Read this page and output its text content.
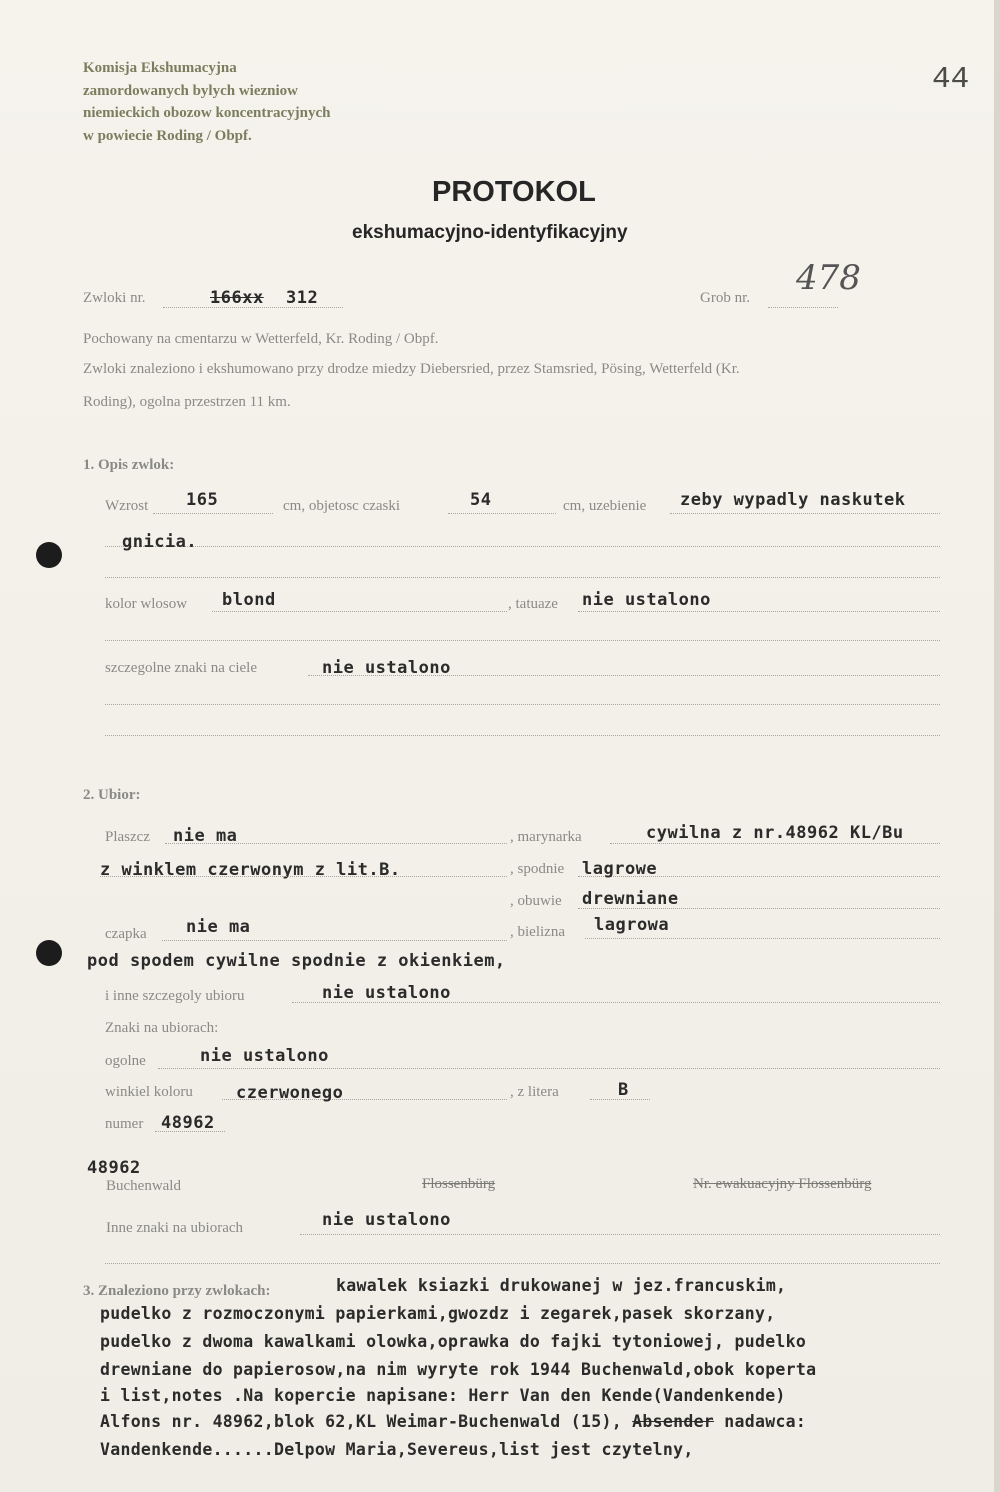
Komisja Ekshumacyjna
zamordowanych bylych wiezniow
niemieckich obozow koncentracyjnych
w powiecie Roding / Obpf.
44
PROTOKOL
ekshumacyjno-identyfikacyjny
Zwloki nr.	166xx 312	Grob nr. 478
Pochowany na cmentarzu w Wetterfeld, Kr. Roding / Obpf.
Zwloki znaleziono i ekshumowano przy drodze miedzy Diebersried, przez Stamsried, Pösing, Wetterfeld (Kr.
Roding), ogolna przestrzen 11 km.
1. Opis zwlok:
Wzrost 165	cm, objetosc czaski	54	cm, uzebienie zeby wypadly naskutek
gnicia.
kolor wlosow blond	, tatuaze nie ustalono
szczegolne znaki na ciele	nie ustalono
2. Ubior:
Plaszcz nie ma	, marynarka	cywilna z nr.48962 KL/Bu
z winklem czerwonym z lit.B.	, spodnie lagrowe
, obuwie drewniane
czapka nie ma	, bielizna lagrowa
pod spodem cywilne spodnie z okienkiem,
i inne szczegoly ubioru	nie ustalono
Znaki na ubiorach:
ogolne	nie ustalono
winkiel koloru	czerwonego	, z litera	B
numer 48962
48962
Buchenwald	Flossenbürg	Nr. ewakuacyjny Flossenbürg
Inne znaki na ubiorach	nie ustalono
3. Znaleziono przy zwlokach:	kawalek ksiazki drukowanej w jez.francuskim,
pudelko z rozmoczonymi papierkami,gwozdz i zegarek,pasek skorzany,
pudelko z dwoma kawalkami olowka,oprawka do fajki tytoniowej, pudelko
drewniane do papierosow,na nim wyryte rok 1944 Buchenwald,obok koperta
i list,notes .Na kopercie napisane: Herr Van den Kende(Vandenkende)
Alfons nr. 48962,blok 62,KL Weimar-Buchenwald (15), Absender nadawca:
Vandenkende......Delpow Maria,Severeus,list jest czytelny,
